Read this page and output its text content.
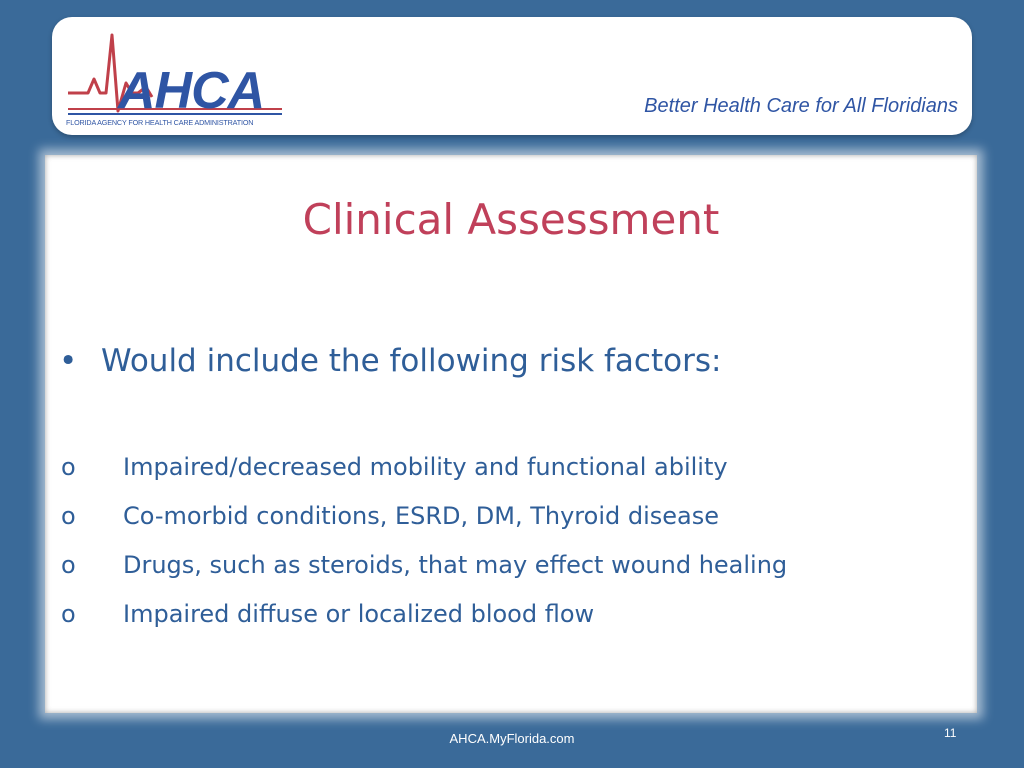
AHCA
FLORIDA AGENCY FOR HEALTH CARE ADMINISTRATION
Better Health Care for All Floridians
Clinical Assessment
• Would include the following risk factors:
o Impaired/decreased mobility and functional ability
o Co-morbid conditions, ESRD, DM, Thyroid disease
o Drugs, such as steroids, that may effect wound healing
o Impaired diffuse or localized blood flow
AHCA.MyFlorida.com	11
